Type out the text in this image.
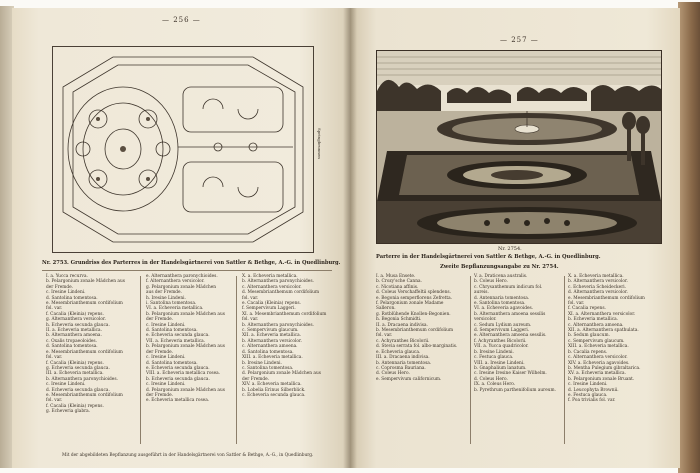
— 256 —
Springbrunnen
Nr. 2753. Grundriss des Parterres in der Handelsgärtnerei von Sattler & Bethge, A.-G. in Quedlinburg.
I. a. Yucca recurva.
b. Pelargonium zonale Mädchen aus
der Fremde.
c. Iresine Lindeni.
d. Santolina tomentosa.
e. Mesembrianthemum cordifolium
fol. var.
f. Cacalia (Kleinia) repens.
g. Alternanthera versicolor.
h. Echeveria secunda glauca.
II. a. Echeveria metallica.
b. Alternanthera amoena.
c. Oxalis tropaeoloides.
d. Santolina tomentosa.
e. Mesembrianthemum cordifolium
fol. var.
f. Cacalia (Kleinia) repens.
g. Echeveria secunda glauca.
III. a. Echeveria metallica.
b. Alternanthera paronychioides.
c. Iresine Lindeni.
d. Echeveria secunda glauca.
e. Mesembrianthemum cordifolium
fol. var.
f. Cacalia (Kleinia) repens.
g. Echeveria glabra.
e. Alternanthera paronychioides.
f. Alternanthera versicolor.
g. Pelargonium zonale Mädchen
aus der Fremde.
h. Iresine Lindeni.
i. Santolina tomentosa.
VI. a. Echeveria metallica.
b. Pelargonium zonale Mädchen aus
der Fremde.
c. Iresine Lindeni.
d. Santolina tomentosa.
e. Echeveria secunda glauca.
VII. a. Echeveria metallica.
b. Pelargonium zonale Mädchen aus
der Fremde.
c. Iresine Lindeni.
d. Santolina tomentosa.
e. Echeveria secunda glauca.
VIII. a. Echeveria metallica rosea.
b. Echeveria secunda glauca.
c. Iresine Lindeni.
d. Pelargonium zonale Mädchen aus
der Fremde.
e. Echeveria metallica rosea.
X. a. Echeveria metallica.
b. Alternanthera paronychioides.
c. Alternanthera versicolor.
d. Mesembrianthemum cordifolium
fol. var.
e. Cacalia (Kleinia) repens.
f. Sempervivum Laggeri.
XI. a. Mesembrianthemum cordifolium
fol. var.
b. Alternanthera paronychioides.
c. Sempervivum glaucum.
XII. a. Echeveria metallica.
b. Alternanthera versicolor.
c. Alternanthera amoena.
d. Santolina tomentosa.
XIII. a. Echeveria metallica.
b. Iresine Lindeni.
c. Santolina tomentosa.
d. Pelargonium zonale Mädchen aus
der Fremde.
XIV. a. Echeveria metallica.
b. Lobelia Erinus Silberblick.
c. Echeveria secunda glauca.
Mit der abgebildeten Bepflanzung ausgeführt in der Handelsgärtnerei von Sattler & Bethge, A.-G., in Quedlinburg.
— 257 —
Nr. 2754.
Parterre in der Handelsgärtnerei von Sattler & Bethge, A.-G. in Quedlinburg.
Zweite Bepflanzungsangabe zu Nr. 2754.
I. a. Musa Ensete.
b. Crozy'sche Canna.
c. Nicotiana affinis.
d. Coleus Verschaffeltii splendens.
e. Begonia semperflorens Zefretta.
f. Pelargonium zonale Madame
Salleron.
g. Rotblühende Knollen-Begonien.
h. Begonia Schmidti.
II. a. Dracaena indivisa.
b. Mesembrianthemum cordifolium
fol. var.
c. Achyranthes Bicolorii.
d. Stevia serrata fol. albo-marginatis.
e. Echeveria glauca.
III. a. Dracaena indivisa.
b. Antennaria tomentosa.
c. Coprosma Bauriana.
d. Coleus Hero.
e. Sempervivum californicum.
V. a. Draticena australis.
b. Coleus Hero.
c. Chrysanthemum indicum fol.
aureis.
d. Antennaria tomentosa.
e. Santolina tomentosa.
VI. a. Echeveria agavoides.
b. Alternanthera amoena sessilis
versicolor.
c. Sedum Lydium aureum.
d. Sempervivum Laggeri.
e. Alternanthera amoena sessilis.
f. Achyranthes Bicolorii.
VII. a. Yucca quadricolor.
b. Iresine Lindeni.
c. Festuca glauca.
VIII. a. Iresine Lindeni.
b. Gnaphalium lanatum.
c. Iresine Iresine Kaiser Wilhelm.
d. Coleus Hero.
IX. a. Coleus Hero.
b. Pyrethrum parthenifolium aureum.
X. a. Echeveria metallica.
b. Alternanthera versicolor.
c. Echeveria Scheideckeri.
d. Alternanthera versicolor.
e. Mesembrianthemum cordifolium
fol. var.
f. Cacalia repens.
XI. a. Alternanthera versicolor.
b. Echeveria metallica.
c. Alternanthera amoena.
XII. a. Alternanthera spathulata.
b. Sedum glaucum.
c. Sempervivum glaucum.
XIII. a. Echeveria metallica.
b. Cacalia repens.
c. Alternanthera versicolor.
XIV. a. Echeveria agavoides.
b. Mentha Pulegium gibraltarica.
XV. a. Echeveria metallica.
b. Pelargonium zonale Bruant.
c. Iresine Lindeni.
d. Leucophyta Brownii.
e. Festuca glauca.
f. Poa trivialis fol. var.
